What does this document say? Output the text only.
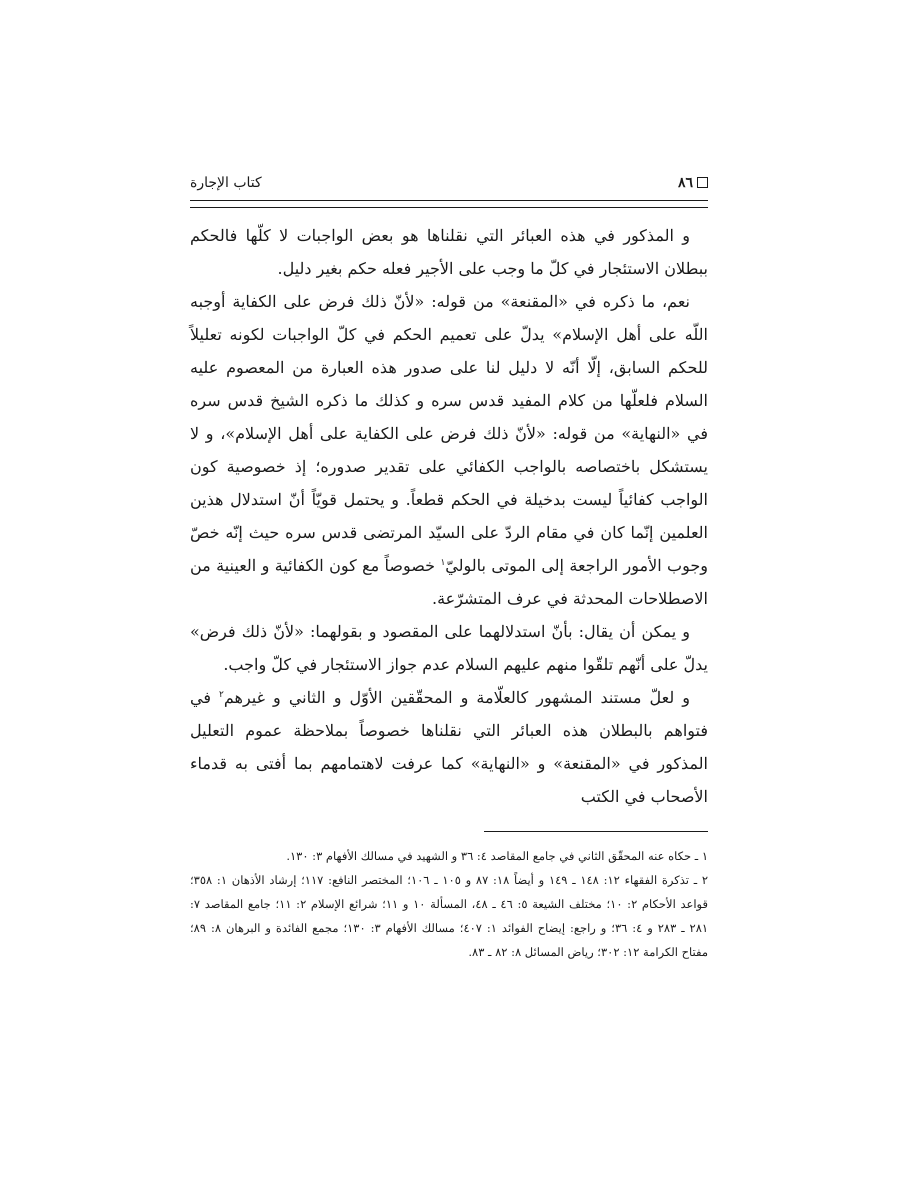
٨٦
كتاب الإجارة

و المذكور في هذه العبائر التي نقلناها هو بعض الواجبات لا كلّها فالحكم ببطلان الاستئجار في كلّ ما وجب على الأجير فعله حكم بغير دليل.

نعم، ما ذكره في «المقنعة» من قوله: «لأنّ ذلك فرض على الكفاية أوجبه اللّه على أهل الإسلام» يدلّ على تعميم الحكم في كلّ الواجبات لكونه تعليلاً للحكم السابق، إلّا أنّه لا دليل لنا على صدور هذه العبارة من المعصوم عليه السلام فلعلّها من كلام المفيد قدس سره و كذلك ما ذكره الشيخ قدس سره في «النهاية» من قوله: «لأنّ ذلك فرض على الكفاية على أهل الإسلام»، و لا يستشكل باختصاصه بالواجب الكفائي على تقدير صدوره؛ إذ خصوصية كون الواجب كفائياً ليست بدخيلة في الحكم قطعاً. و يحتمل قويّاً أنّ استدلال هذين العلمين إنّما كان في مقام الردّ على السيّد المرتضى قدس سره حيث إنّه خصّ وجوب الأمور الراجعة إلى الموتى بالوليّ$^١$ خصوصاً مع كون الكفائية و العينية من الاصطلاحات المحدثة في عرف المتشرّعة.

و يمكن أن يقال: بأنّ استدلالهما على المقصود و بقولهما: «لأنّ ذلك فرض» يدلّ على أنّهم تلقّوا منهم عليهم السلام عدم جواز الاستئجار في كلّ واجب.

و لعلّ مستند المشهور كالعلّامة و المحقّقين الأوّل و الثاني و غيرهم$^٢$ في فتواهم بالبطلان هذه العبائر التي نقلناها خصوصاً بملاحظة عموم التعليل المذكور في «المقنعة» و «النهاية» كما عرفت لاهتمامهم بما أفتى به قدماء الأصحاب في الكتب

١ ـ حكاه عنه المحقّق الثاني في جامع المقاصد ٤: ٣٦ و الشهيد في مسالك الأفهام ٣: ١٣٠.

٢ ـ تذكرة الفقهاء ١٢: ١٤٨ ـ ١٤٩ و أيضاً ١٨: ٨٧ و ١٠٥ ـ ١٠٦؛ المختصر النافع: ١١٧؛ إرشاد الأذهان ١: ٣٥٨؛ قواعد الأحكام ٢: ١٠؛ مختلف الشيعة ٥: ٤٦ ـ ٤٨، المسألة ١٠ و ١١؛ شرائع الإسلام ٢: ١١؛ جامع المقاصد ٧: ٢٨١ ـ ٢٨٣ و ٤: ٣٦؛ و راجع: إيضاح الفوائد ١: ٤٠٧؛ مسالك الأفهام ٣: ١٣٠؛ مجمع الفائدة و البرهان ٨: ٨٩؛ مفتاح الكرامة ١٢: ٣٠٢؛ رياض المسائل ٨: ٨٢ ـ ٨٣.
